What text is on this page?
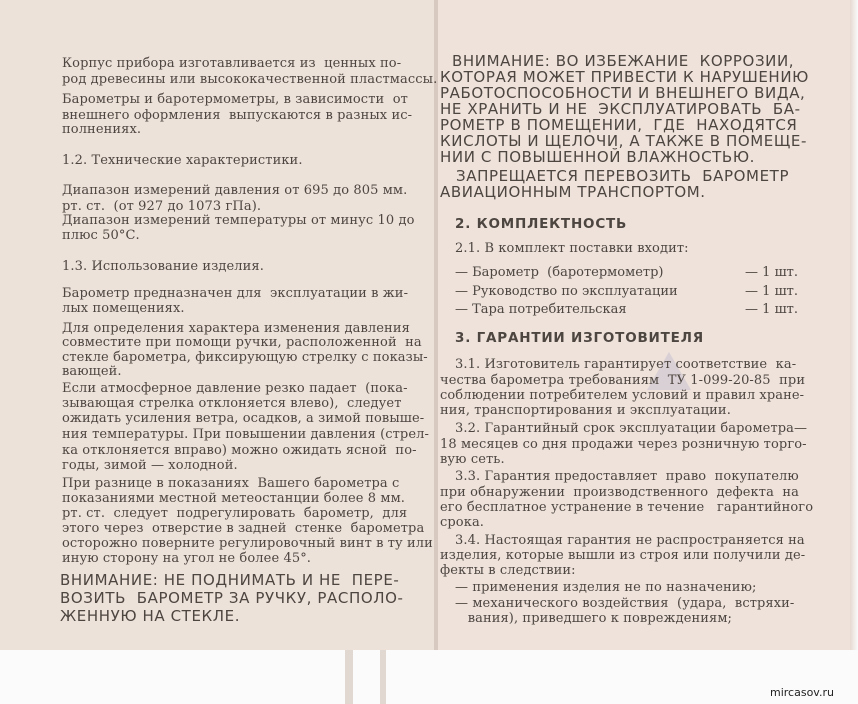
Корпус прибора изготавливается из  ценных по-
род древесины или высококачественной пластмассы.
Барометры и баротермометры, в зависимости  от
внешнего оформления  выпускаются в разных ис-
полнениях.
1.2. Технические характеристики.
Диапазон измерений давления от 695 до 805 мм.
рт. ст.  (от 927 до 1073 гПа).
Диапазон измерений температуры от минус 10 до
плюс 50°С.
1.3. Использование изделия.
Барометр предназначен для  эксплуатации в жи-
лых помещениях.
Для определения характера изменения давления
совместите при помощи ручки, расположенной  на
стекле барометра, фиксирующую стрелку с показы-
вающей.
Если атмосферное давление резко падает  (пока-
зывающая стрелка отклоняется влево),  следует
ожидать усиления ветра, осадков, а зимой повыше-
ния температуры. При повышении давления (стрел-
ка отклоняется вправо) можно ожидать ясной  по-
годы, зимой — холодной.
При разнице в показаниях  Вашего барометра с
показаниями местной метеостанции более 8 мм.
рт. ст.  следует  подрегулировать  барометр,  для
этого через  отверстие в задней  стенке  барометра
осторожно поверните регулировочный винт в ту или
иную сторону на угол не более 45°.
ВНИМАНИЕ: НЕ ПОДНИМАТЬ И НЕ  ПЕРЕ-
ВОЗИТЬ  БАРОМЕТР ЗА РУЧКУ, РАСПОЛО-
ЖЕННУЮ НА СТЕКЛЕ.
ВНИМАНИЕ: ВО ИЗБЕЖАНИЕ  КОРРОЗИИ,
КОТОРАЯ МОЖЕТ ПРИВЕСТИ К НАРУШЕНИЮ
РАБОТОСПОСОБНОСТИ И ВНЕШНЕГО ВИДА,
НЕ ХРАНИТЬ И НЕ  ЭКСПЛУАТИРОВАТЬ  БА-
РОМЕТР В ПОМЕЩЕНИИ,  ГДЕ  НАХОДЯТСЯ
КИСЛОТЫ И ЩЕЛОЧИ, А ТАКЖЕ В ПОМЕЩЕ-
НИИ С ПОВЫШЕННОЙ ВЛАЖНОСТЬЮ.
ЗАПРЕЩАЕТСЯ ПЕРЕВОЗИТЬ  БАРОМЕТР
АВИАЦИОННЫМ ТРАНСПОРТОМ.
2. КОМПЛЕКТНОСТЬ
2.1. В комплект поставки входит:
— Барометр  (баротермометр)	— 1 шт.
— Руководство по эксплуатации	— 1 шт.
— Тара потребительская	— 1 шт.
3. ГАРАНТИИ ИЗГОТОВИТЕЛЯ
3.1. Изготовитель гарантирует соответствие  ка-
чества барометра требованиям  ТУ 1-099-20-85  при
соблюдении потребителем условий и правил хране-
ния, транспортирования и эксплуатации.
3.2. Гарантийный срок эксплуатации барометра—
18 месяцев со дня продажи через розничную торго-
вую сеть.
3.3. Гарантия предоставляет  право  покупателю
при обнаружении  производственного  дефекта  на
его бесплатное устранение в течение   гарантийного
срока.
3.4. Настоящая гарантия не распространяется на
изделия, которые вышли из строя или получили де-
фекты в следствии:
— применения изделия не по назначению;
— механического воздействия  (удара,  встряхи-
вания), приведшего к повреждениям;
mircasov.ru
